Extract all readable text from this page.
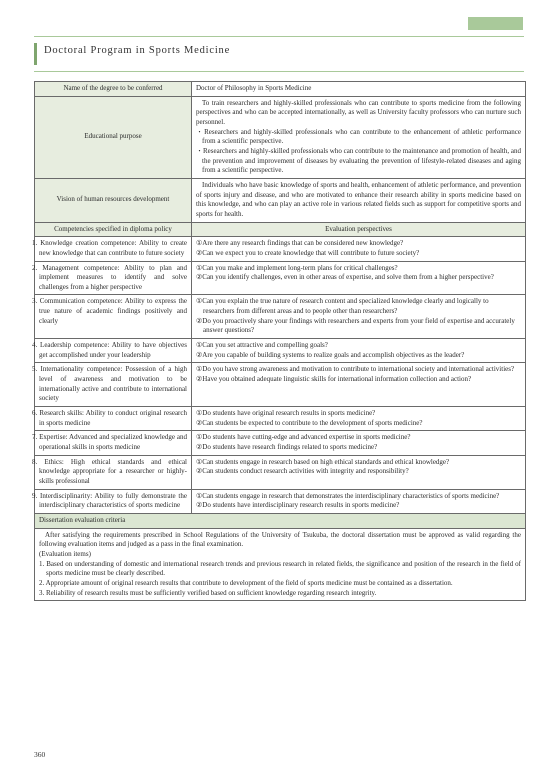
Doctoral Program in Sports Medicine
Name of the degree to be conferred	Doctor of Philosophy in Sports Medicine
Educational purpose	To train researchers and highly-skilled professionals who can contribute to sports medicine from the following perspectives and who can be accepted internationally, as well as University faculty professors who can nurture such personnel.
・Researchers and highly-skilled professionals who can contribute to the enhancement of athletic performance from a scientific perspective.
・Researchers and highly-skilled professionals who can contribute to the maintenance and promotion of health, and the prevention and improvement of diseases by evaluating the prevention of lifestyle-related diseases and aging from a scientific perspective.

Vision of human resources development	Individuals who have basic knowledge of sports and health, enhancement of athletic performance, and prevention of sports injury and disease, and who are motivated to enhance their research ability in sports medicine based on this knowledge, and who can play an active role in various related fields such as support for competitive sports and sports for health.
Competencies specified in diploma policy	Evaluation perspectives
1. Knowledge creation competence: Ability to create new knowledge that can contribute to future society	①Are there any research findings that can be considered new knowledge?
②Can we expect you to create knowledge that will contribute to future society?

2. Management competence: Ability to plan and implement measures to identify and solve challenges from a higher perspective	①Can you make and implement long-term plans for critical challenges?
②Can you identify challenges, even in other areas of expertise, and solve them from a higher perspective?

3. Communication competence: Ability to express the true nature of academic findings positively and clearly	①Can you explain the true nature of research content and specialized knowledge clearly and logically to researchers from different areas and to people other than researchers?
②Do you proactively share your findings with researchers and experts from your field of expertise and accurately answer questions?

4. Leadership competence: Ability to have objectives get accomplished under your leadership	①Can you set attractive and compelling goals?
②Are you capable of building systems to realize goals and accomplish objectives as the leader?

5. Internationality competence: Possession of a high level of awareness and motivation to be internationally active and contribute to international society	①Do you have strong awareness and motivation to contribute to international society and international activities?
②Have you obtained adequate linguistic skills for international information collection and action?

6. Research skills: Ability to conduct original research in sports medicine	①Do students have original research results in sports medicine?
②Can students be expected to contribute to the development of sports medicine?

7. Expertise: Advanced and specialized knowledge and operational skills in sports medicine	①Do students have cutting-edge and advanced expertise in sports medicine?
②Do students have research findings related to sports medicine?

8. Ethics: High ethical standards and ethical knowledge appropriate for a researcher or highly-skills professional	①Can students engage in research based on high ethical standards and ethical knowledge?
②Can students conduct research activities with integrity and responsibility?

9. Interdisciplinarity: Ability to fully demonstrate the interdisciplinary characteristics of sports medicine	①Can students engage in research that demonstrates the interdisciplinary characteristics of sports medicine?
②Do students have interdisciplinary research results in sports medicine?

Dissertation evaluation criteria	

After satisfying the requirements prescribed in School Regulations of the University of Tsukuba, the doctoral dissertation must be approved as valid regarding the following evaluation items and judged as a pass in the final examination.
(Evaluation items)
1. Based on understanding of domestic and international research trends and previous research in related fields, the significance and position of the research in the field of sports medicine must be clearly described.
2. Appropriate amount of original research results that contribute to development of the field of sports medicine must be contained as a dissertation.
3. Reliability of research results must be sufficiently verified based on sufficient knowledge regarding research integrity.	
360
